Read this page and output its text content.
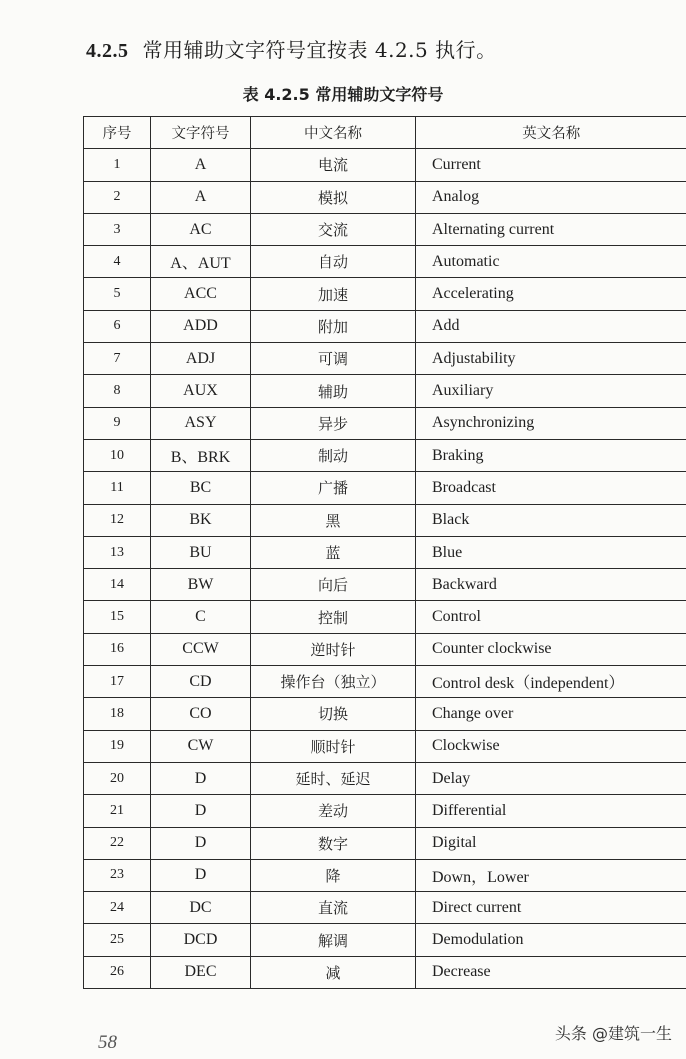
4.2.5 常用辅助文字符号宜按表 4.2.5 执行。
表 4.2.5 常用辅助文字符号
序号	文字符号	中文名称	英文名称
1	A	电流	Current
2	A	模拟	Analog
3	AC	交流	Alternating current
4	A、AUT	自动	Automatic
5	ACC	加速	Accelerating
6	ADD	附加	Add
7	ADJ	可调	Adjustability
8	AUX	辅助	Auxiliary
9	ASY	异步	Asynchronizing
10	B、BRK	制动	Braking
11	BC	广播	Broadcast
12	BK	黑	Black
13	BU	蓝	Blue
14	BW	向后	Backward
15	C	控制	Control
16	CCW	逆时针	Counter clockwise
17	CD	操作台（独立）	Control desk（independent）
18	CO	切换	Change over
19	CW	顺时针	Clockwise
20	D	延时、延迟	Delay
21	D	差动	Differential
22	D	数字	Digital
23	D	降	Down，Lower
24	DC	直流	Direct current
25	DCD	解调	Demodulation
26	DEC	减	Decrease
58	头条 @建筑一生
